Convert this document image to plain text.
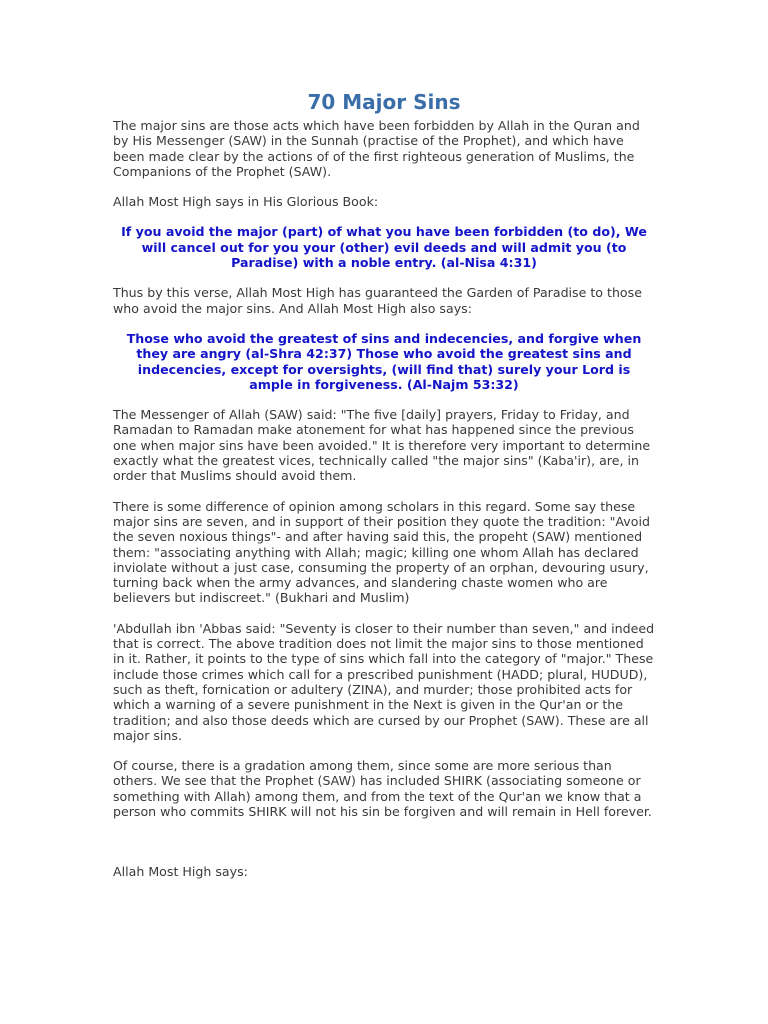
70 Major Sins

The major sins are those acts which have been forbidden by Allah in the Quran and by His Messenger (SAW) in the Sunnah (practise of the Prophet), and which have been made clear by the actions of of the first righteous generation of Muslims, the Companions of the Prophet (SAW).

Allah Most High says in His Glorious Book:

If you avoid the major (part) of what you have been forbidden (to do), We will cancel out for you your (other) evil deeds and will admit you (to Paradise) with a noble entry. (al-Nisa 4:31)

Thus by this verse, Allah Most High has guaranteed the Garden of Paradise to those who avoid the major sins. And Allah Most High also says:

Those who avoid the greatest of sins and indecencies, and forgive when they are angry (al-Shra 42:37) Those who avoid the greatest sins and indecencies, except for oversights, (will find that) surely your Lord is ample in forgiveness. (Al-Najm 53:32)

The Messenger of Allah (SAW) said: "The five [daily] prayers, Friday to Friday, and Ramadan to Ramadan make atonement for what has happened since the previous one when major sins have been avoided." It is therefore very important to determine exactly what the greatest vices, technically called "the major sins" (Kaba'ir), are, in order that Muslims should avoid them.

There is some difference of opinion among scholars in this regard. Some say these major sins are seven, and in support of their position they quote the tradition: "Avoid the seven noxious things"- and after having said this, the propeht (SAW) mentioned them: "associating anything with Allah; magic; killing one whom Allah has declared inviolate without a just case, consuming the property of an orphan, devouring usury, turning back when the army advances, and slandering chaste women who are believers but indiscreet." (Bukhari and Muslim)

'Abdullah ibn 'Abbas said: "Seventy is closer to their number than seven," and indeed that is correct. The above tradition does not limit the major sins to those mentioned in it. Rather, it points to the type of sins which fall into the category of "major." These include those crimes which call for a prescribed punishment (HADD; plural, HUDUD), such as theft, fornication or adultery (ZINA), and murder; those prohibited acts for which a warning of a severe punishment in the Next is given in the Qur'an or the tradition; and also those deeds which are cursed by our Prophet (SAW). These are all major sins.

Of course, there is a gradation among them, since some are more serious than others. We see that the Prophet (SAW) has included SHIRK (associating someone or something with Allah) among them, and from the text of the Qur'an we know that a person who commits SHIRK will not his sin be forgiven and will remain in Hell forever.

Allah Most High says:
